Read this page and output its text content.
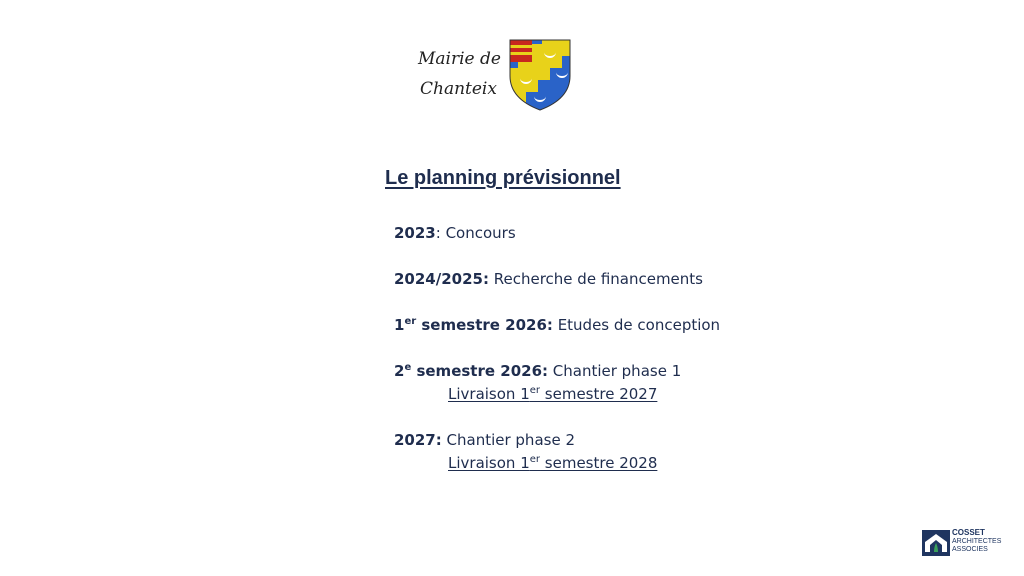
Mairie de
Chanteix
Le planning prévisionnel
2023: Concours
2024/2025: Recherche de financements
1er semestre 2026: Etudes de conception
2e semestre 2026: Chantier phase 1
Livraison 1er semestre 2027
2027: Chantier phase 2
Livraison 1er semestre 2028
COSSET
ARCHITECTES
ASSOCIES
